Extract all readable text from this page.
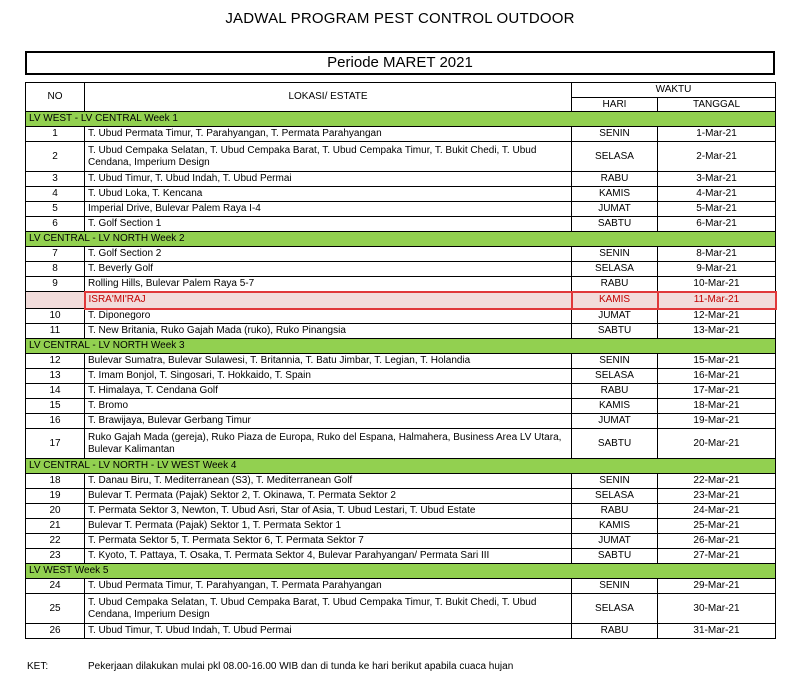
JADWAL PROGRAM PEST CONTROL OUTDOOR
Periode MARET 2021
NO	LOKASI/ ESTATE	WAKTU	
		HARI	TANGGAL
LV WEST - LV CENTRAL Week 1			
1	T. Ubud Permata Timur, T. Parahyangan, T. Permata Parahyangan	SENIN	1-Mar-21
2	T. Ubud Cempaka Selatan, T. Ubud Cempaka Barat, T. Ubud Cempaka Timur, T. Bukit Chedi, T. Ubud Cendana, Imperium Design	SELASA	2-Mar-21
3	T. Ubud Timur, T. Ubud Indah, T. Ubud Permai	RABU	3-Mar-21
4	T. Ubud Loka, T. Kencana	KAMIS	4-Mar-21
5	Imperial Drive, Bulevar Palem Raya I-4	JUMAT	5-Mar-21
6	T. Golf Section 1	SABTU	6-Mar-21
LV CENTRAL - LV NORTH Week 2			
7	T. Golf Section 2	SENIN	8-Mar-21
8	T. Beverly Golf	SELASA	9-Mar-21
9	Rolling Hills, Bulevar Palem Raya 5-7	RABU	10-Mar-21
	ISRA'MI'RAJ	KAMIS	11-Mar-21
10	T. Diponegoro	JUMAT	12-Mar-21
11	T. New Britania, Ruko Gajah Mada (ruko), Ruko Pinangsia	SABTU	13-Mar-21
LV CENTRAL - LV NORTH Week 3			
12	Bulevar Sumatra, Bulevar Sulawesi, T. Britannia, T. Batu Jimbar, T. Legian, T. Holandia	SENIN	15-Mar-21
13	T. Imam Bonjol, T. Singosari, T. Hokkaido, T. Spain	SELASA	16-Mar-21
14	T. Himalaya, T. Cendana Golf	RABU	17-Mar-21
15	T. Bromo	KAMIS	18-Mar-21
16	T. Brawijaya, Bulevar Gerbang Timur	JUMAT	19-Mar-21
17	Ruko Gajah Mada (gereja), Ruko Piaza de Europa, Ruko del Espana, Halmahera, Business Area LV Utara, Bulevar Kalimantan	SABTU	20-Mar-21
LV CENTRAL - LV NORTH - LV WEST Week 4			
18	T. Danau Biru, T. Mediterranean (S3), T. Mediterranean Golf	SENIN	22-Mar-21
19	Bulevar T. Permata (Pajak) Sektor 2, T. Okinawa, T. Permata Sektor 2	SELASA	23-Mar-21
20	T. Permata Sektor 3, Newton, T. Ubud Asri, Star of Asia, T. Ubud Lestari, T. Ubud Estate	RABU	24-Mar-21
21	Bulevar T. Permata (Pajak) Sektor 1, T. Permata Sektor 1	KAMIS	25-Mar-21
22	T. Permata Sektor 5, T. Permata Sektor 6, T. Permata Sektor 7	JUMAT	26-Mar-21
23	T. Kyoto, T. Pattaya, T. Osaka, T. Permata Sektor 4, Bulevar Parahyangan/ Permata Sari III	SABTU	27-Mar-21
LV WEST Week 5			
24	T. Ubud Permata Timur, T. Parahyangan, T. Permata Parahyangan	SENIN	29-Mar-21
25	T. Ubud Cempaka Selatan, T. Ubud Cempaka Barat, T. Ubud Cempaka Timur, T. Bukit Chedi, T. Ubud Cendana, Imperium Design	SELASA	30-Mar-21
26	T. Ubud Timur, T. Ubud Indah, T. Ubud Permai	RABU	31-Mar-21
KET:	Pekerjaan dilakukan mulai pkl 08.00-16.00 WIB dan di tunda ke hari berikut apabila cuaca hujan
